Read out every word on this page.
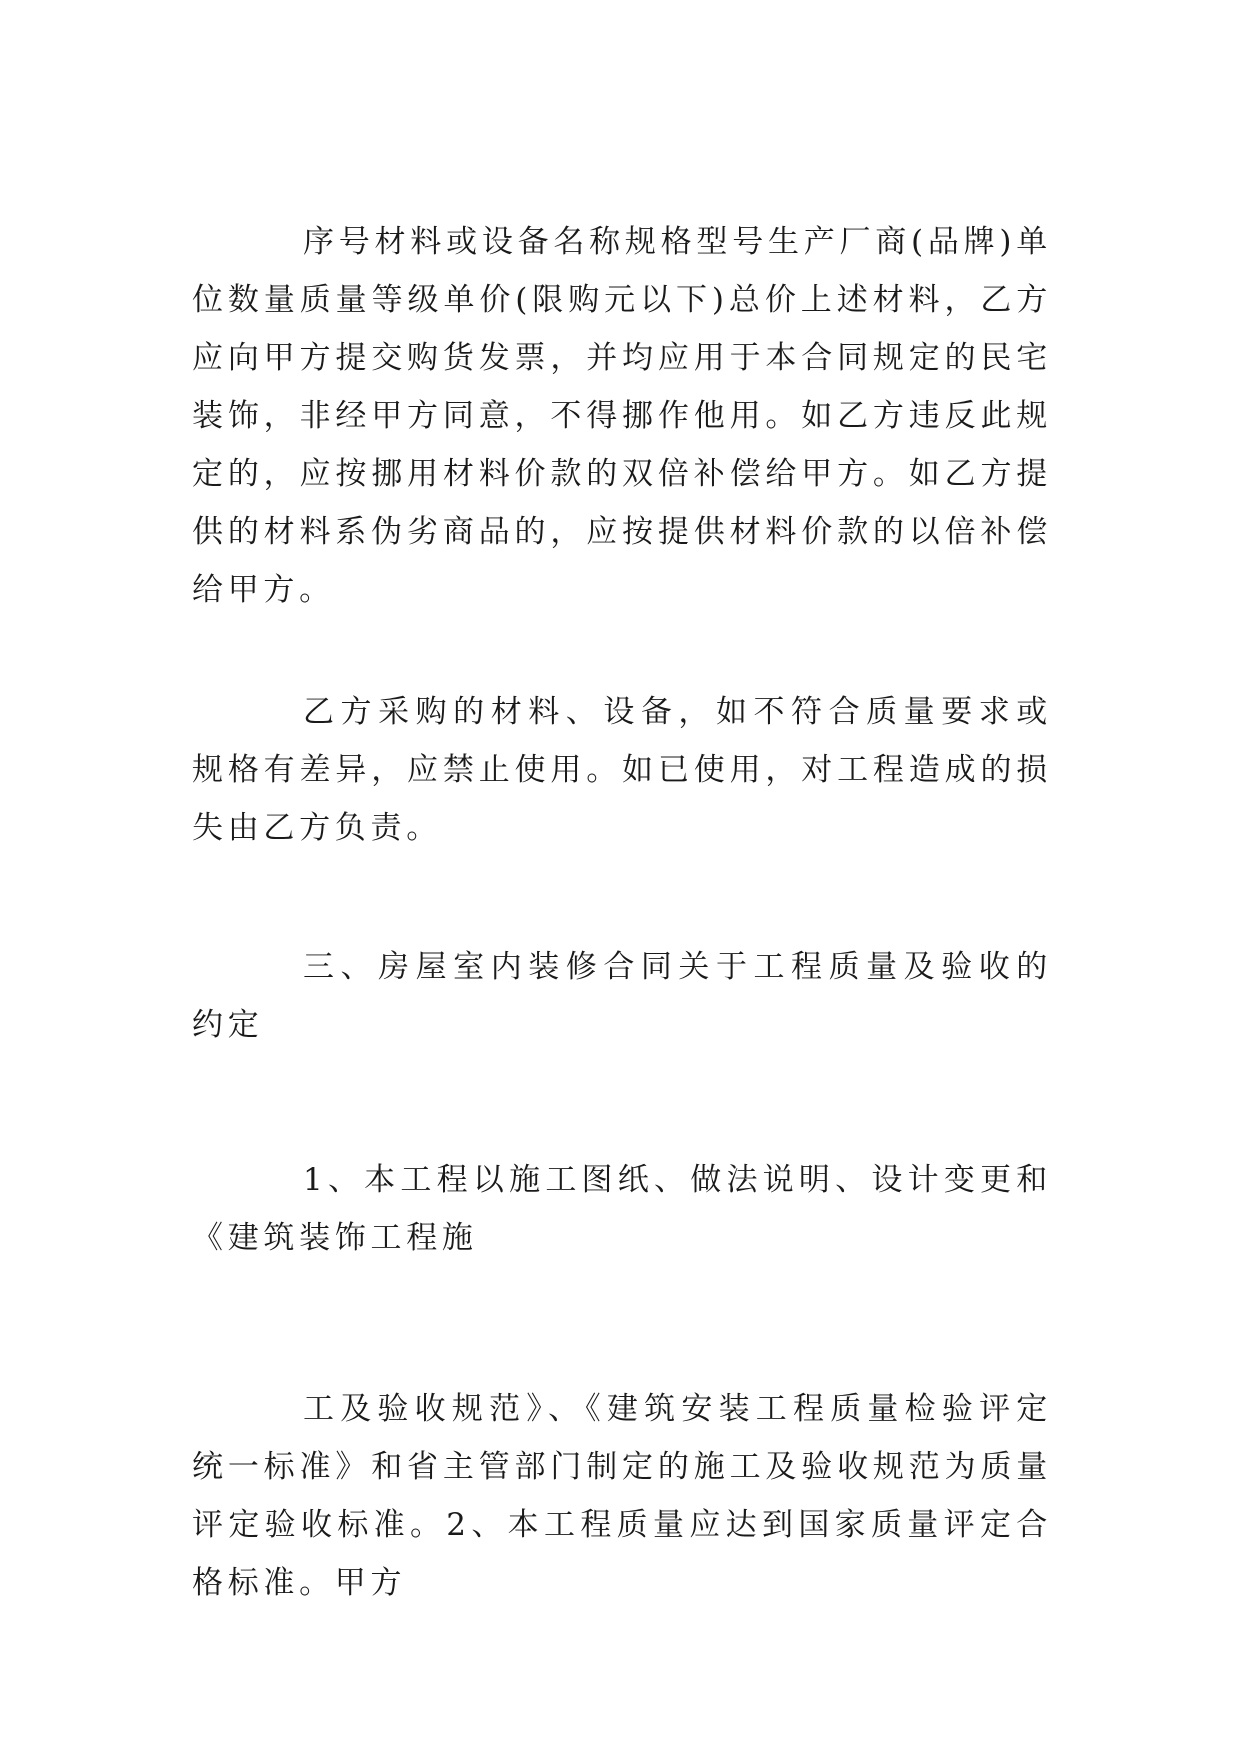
序号材料或设备名称规格型号生产厂商(品牌)单位数量质量等级单价(限购元以下)总价上述材料，乙方应向甲方提交购货发票，并均应用于本合同规定的民宅装饰，非经甲方同意，不得挪作他用。如乙方违反此规定的，应按挪用材料价款的双倍补偿给甲方。如乙方提供的材料系伪劣商品的，应按提供材料价款的以倍补偿给甲方。

乙方采购的材料、设备，如不符合质量要求或规格有差异，应禁止使用。如已使用，对工程造成的损失由乙方负责。

三、房屋室内装修合同关于工程质量及验收的约定

1、本工程以施工图纸、做法说明、设计变更和《建筑装饰工程施

工及验收规范》、《建筑安装工程质量检验评定统一标准》和省主管部门制定的施工及验收规范为质量评定验收标准。2、本工程质量应达到国家质量评定合格标准。甲方
